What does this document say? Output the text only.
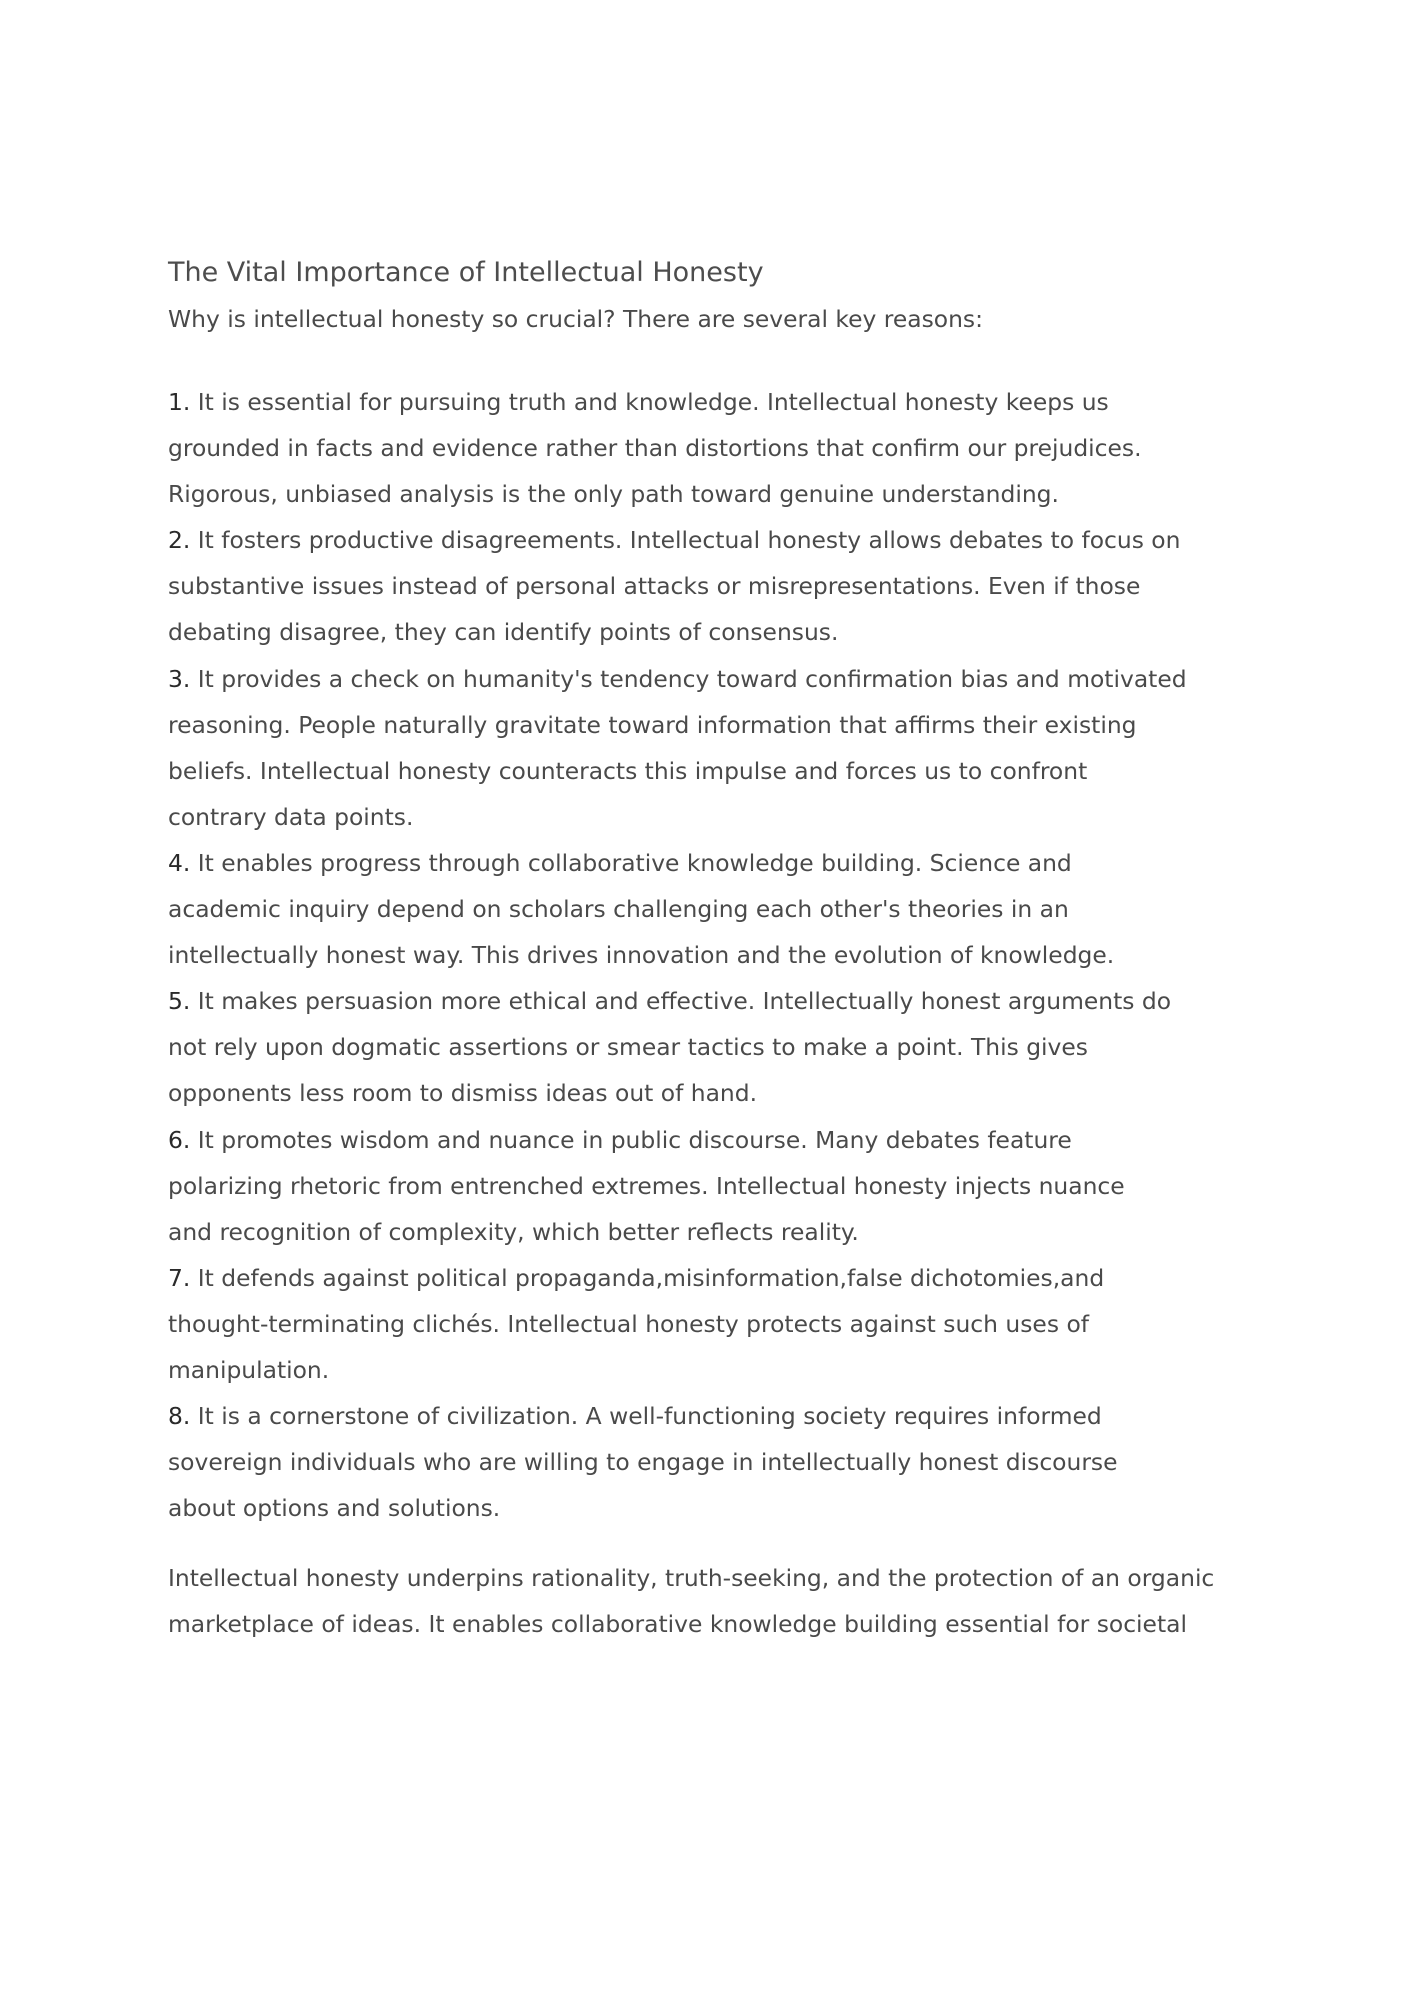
The Vital Importance of Intellectual Honesty

Why is intellectual honesty so crucial? There are several key reasons:

1. It is essential for pursuing truth and knowledge. Intellectual honesty keeps us
grounded in facts and evidence rather than distortions that confirm our prejudices.
Rigorous, unbiased analysis is the only path toward genuine understanding.
2. It fosters productive disagreements. Intellectual honesty allows debates to focus on
substantive issues instead of personal attacks or misrepresentations. Even if those
debating disagree, they can identify points of consensus.
3. It provides a check on humanity's tendency toward confirmation bias and motivated
reasoning. People naturally gravitate toward information that affirms their existing
beliefs. Intellectual honesty counteracts this impulse and forces us to confront
contrary data points.
4. It enables progress through collaborative knowledge building. Science and
academic inquiry depend on scholars challenging each other's theories in an
intellectually honest way. This drives innovation and the evolution of knowledge.
5. It makes persuasion more ethical and effective. Intellectually honest arguments do
not rely upon dogmatic assertions or smear tactics to make a point. This gives
opponents less room to dismiss ideas out of hand.
6. It promotes wisdom and nuance in public discourse. Many debates feature
polarizing rhetoric from entrenched extremes. Intellectual honesty injects nuance
and recognition of complexity, which better reflects reality.
7. It defends against political propaganda,misinformation,false dichotomies,and
thought-terminating clichés. Intellectual honesty protects against such uses of
manipulation.
8. It is a cornerstone of civilization. A well-functioning society requires informed
sovereign individuals who are willing to engage in intellectually honest discourse
about options and solutions.

Intellectual honesty underpins rationality, truth-seeking, and the protection of an organic
marketplace of ideas. It enables collaborative knowledge building essential for societal
